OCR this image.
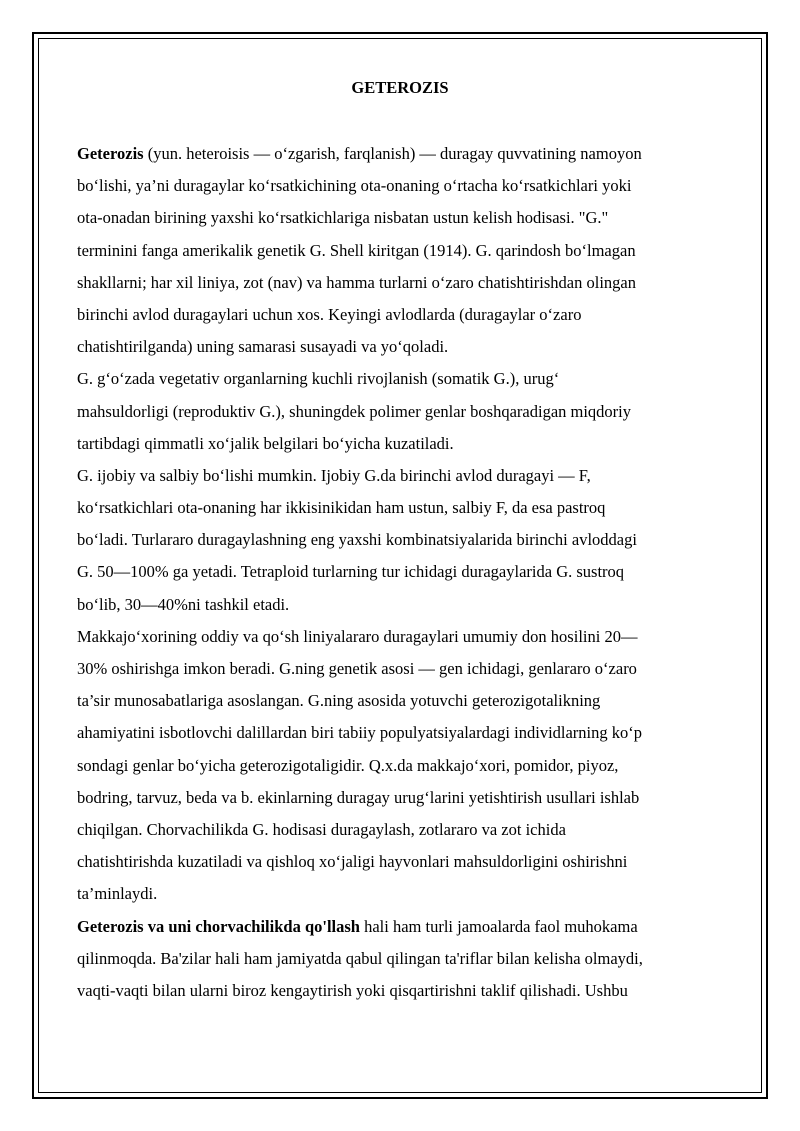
GETEROZIS
Geterozis (yun. heteroisis — o‘zgarish, farqlanish) — duragay quvvatining namoyon
bo‘lishi, ya’ni duragaylar ko‘rsatkichining ota-onaning o‘rtacha ko‘rsatkichlari yoki
ota-onadan birining yaxshi ko‘rsatkichlariga nisbatan ustun kelish hodisasi. "G."
terminini fanga amerikalik genetik G. Shell kiritgan (1914). G. qarindosh bo‘lmagan
shakllarni; har xil liniya, zot (nav) va hamma turlarni o‘zaro chatishtirishdan olingan
birinchi avlod duragaylari uchun xos. Keyingi avlodlarda (duragaylar o‘zaro
chatishtirilganda) uning samarasi susayadi va yo‘qoladi.
G. g‘o‘zada vegetativ organlarning kuchli rivojlanish (somatik G.), urug‘
mahsuldorligi (reproduktiv G.), shuningdek polimer genlar boshqaradigan miqdoriy
tartibdagi qimmatli xo‘jalik belgilari bo‘yicha kuzatiladi.
G. ijobiy va salbiy bo‘lishi mumkin. Ijobiy G.da birinchi avlod duragayi — F,
ko‘rsatkichlari ota-onaning har ikkisinikidan ham ustun, salbiy F, da esa pastroq
bo‘ladi. Turlararo duragaylashning eng yaxshi kombinatsiyalarida birinchi avloddagi
G. 50—100% ga yetadi. Tetraploid turlarning tur ichidagi duragaylarida G. sustroq
bo‘lib, 30—40%ni tashkil etadi.
Makkajo‘xorining oddiy va qo‘sh liniyalararo duragaylari umumiy don hosilini 20—
30% oshirishga imkon beradi. G.ning genetik asosi — gen ichidagi, genlararo o‘zaro
ta’sir munosabatlariga asoslangan. G.ning asosida yotuvchi geterozigotalikning
ahamiyatini isbotlovchi dalillardan biri tabiiy populyatsiyalardagi individlarning ko‘p
sondagi genlar bo‘yicha geterozigotaligidir. Q.x.da makkajo‘xori, pomidor, piyoz,
bodring, tarvuz, beda va b. ekinlarning duragay urug‘larini yetishtirish usullari ishlab
chiqilgan. Chorvachilikda G. hodisasi duragaylash, zotlararo va zot ichida
chatishtirishda kuzatiladi va qishloq xo‘jaligi hayvonlari mahsuldorligini oshirishni
ta’minlaydi.
Geterozis va uni chorvachilikda qo'llash hali ham turli jamoalarda faol muhokama
qilinmoqda. Ba'zilar hali ham jamiyatda qabul qilingan ta'riflar bilan kelisha olmaydi,
vaqti-vaqti bilan ularni biroz kengaytirish yoki qisqartirishni taklif qilishadi. Ushbu
